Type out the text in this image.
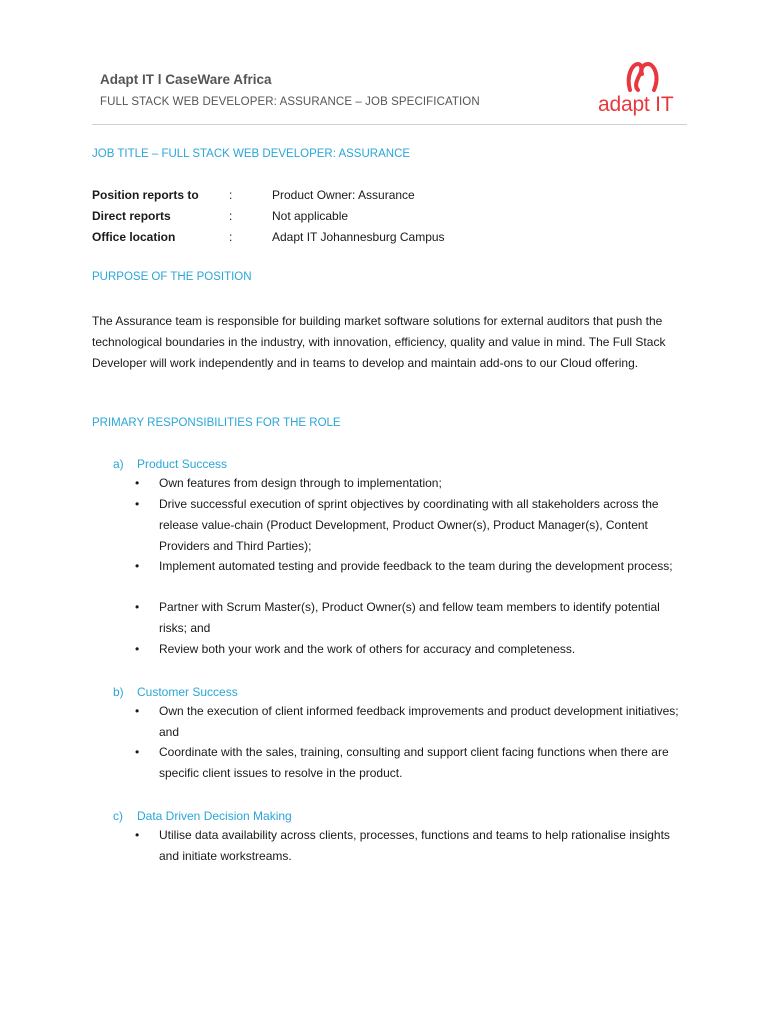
Adapt IT l CaseWare Africa
FULL STACK WEB DEVELOPER: ASSURANCE – JOB SPECIFICATION	adapt IT
JOB TITLE – FULL STACK WEB DEVELOPER: ASSURANCE
Position reports to	:	Product Owner: Assurance
Direct reports	:	Not applicable
Office location	:	Adapt IT Johannesburg Campus
PURPOSE OF THE POSITION
The Assurance team is responsible for building market software solutions for external auditors that push the technological boundaries in the industry, with innovation, efficiency, quality and value in mind. The Full Stack Developer will work independently and in teams to develop and maintain add-ons to our Cloud offering.
PRIMARY RESPONSIBILITIES FOR THE ROLE
a) Product Success
• Own features from design through to implementation;
• Drive successful execution of sprint objectives by coordinating with all stakeholders across the release value-chain (Product Development, Product Owner(s), Product Manager(s), Content Providers and Third Parties);
• Implement automated testing and provide feedback to the team during the development process;
• Partner with Scrum Master(s), Product Owner(s) and fellow team members to identify potential risks; and
• Review both your work and the work of others for accuracy and completeness.
b) Customer Success
• Own the execution of client informed feedback improvements and product development initiatives; and
• Coordinate with the sales, training, consulting and support client facing functions when there are specific client issues to resolve in the product.
c) Data Driven Decision Making
• Utilise data availability across clients, processes, functions and teams to help rationalise insights and initiate workstreams.
